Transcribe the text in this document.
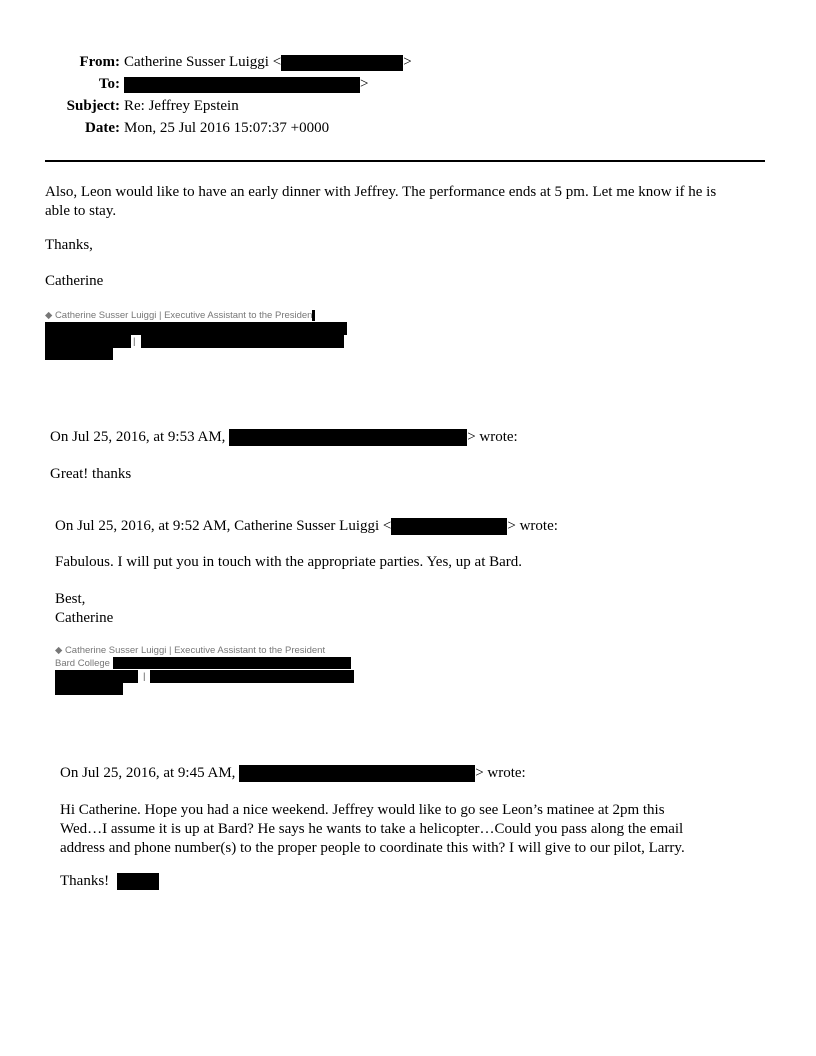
From: Catherine Susser Luiggi <	>
To:	>
Subject: Re: Jeffrey Epstein
Date: Mon, 25 Jul 2016 15:07:37 +0000
Also, Leon would like to have an early dinner with Jeffrey. The performance ends at 5 pm. Let me know if he is
able to stay.
Thanks,
Catherine
◆ Catherine Susser Luiggi | Executive Assistant to the Presiden
|
On Jul 25, 2016, at 9:53 AM,	> wrote:
Great! thanks
On Jul 25, 2016, at 9:52 AM, Catherine Susser Luiggi <	> wrote:
Fabulous. I will put you in touch with the appropriate parties. Yes, up at Bard.
Best,
Catherine
◆ Catherine Susser Luiggi | Executive Assistant to the President
Bard College
|
On Jul 25, 2016, at 9:45 AM,	> wrote:
Hi Catherine. Hope you had a nice weekend. Jeffrey would like to go see Leon’s matinee at 2pm this
Wed…I assume it is up at Bard? He says he wants to take a helicopter…Could you pass along the email
address and phone number(s) to the proper people to coordinate this with? I will give to our pilot, Larry.
Thanks!
